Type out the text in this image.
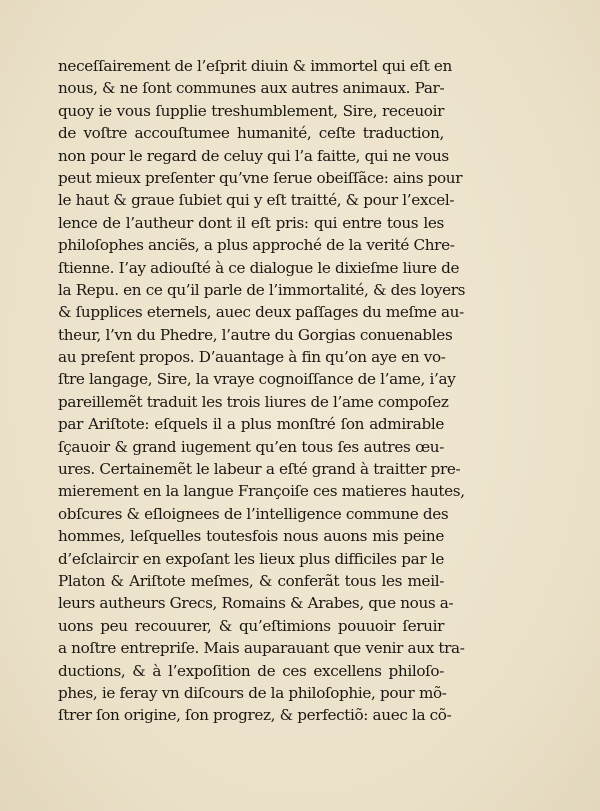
neceſſairement de l’eſprit diuin & immortel qui eſt en
nous, & ne ſont communes aux autres animaux. Par-
quoy ie vous ſupplie treshumblement, Sire, receuoir
de voſtre accouſtumee humanité, ceſte traduction,
non pour le regard de celuy qui l’a faitte, qui ne vous
peut mieux preſenter qu’vne ſerue obeiſſãce: ains pour
le haut & graue ſubiet qui y eſt traitté, & pour l’excel-
lence de l’autheur dont il eſt pris: qui entre tous les
philoſophes anciẽs, a plus approché de la verité Chre-
ſtienne. I’ay adiouſté à ce dialogue le dixieſme liure de
la Repu. en ce qu’il parle de l’immortalité, & des loyers
& ſupplices eternels, auec deux paſſages du meſme au-
theur, l’vn du Phedre, l’autre du Gorgias conuenables
au preſent propos. D’auantage à fin qu’on aye en vo-
ſtre langage, Sire, la vraye cognoiſſance de l’ame, i’ay
pareillemẽt traduit les trois liures de l’ame compoſez
par Ariſtote: eſquels il a plus monſtré ſon admirable
ſçauoir & grand iugement qu’en tous ſes autres œu-
ures. Certainemẽt le labeur a eſté grand à traitter pre-
mierement en la langue Françoiſe ces matieres hautes,
obſcures & eſloignees de l’intelligence commune des
hommes, leſquelles toutesfois nous auons mis peine
d’eſclaircir en expoſant les lieux plus difficiles par le
Platon & Ariſtote meſmes, & conferãt tous les meil-
leurs autheurs Grecs, Romains & Arabes, que nous a-
uons peu recouurer, & qu’eſtimions pouuoir ſeruir
a noſtre entrepriſe. Mais auparauant que venir aux tra-
ductions, & à l’expoſition de ces excellens philoſo-
phes, ie feray vn diſcours de la philoſophie, pour mõ-
ſtrer ſon origine, ſon progrez, & perfectiõ: auec la cõ-
